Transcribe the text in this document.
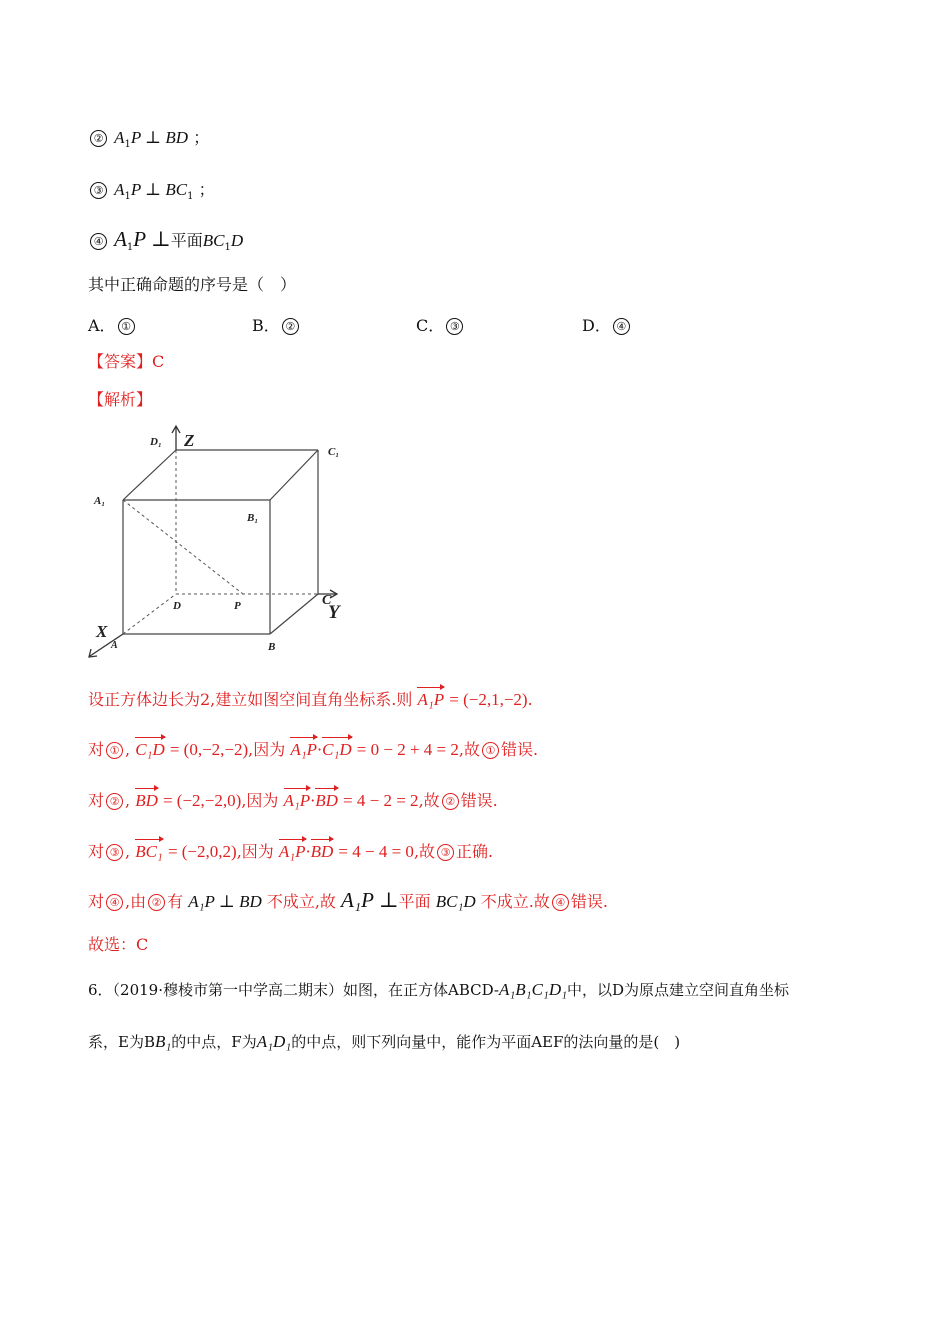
② $A_1P$ ⊥ BD ；
③ $A_1P$ ⊥ $BC_1$ ；
④ $A_1P$ ⊥平面$BC_1D$
其中正确命题的序号是（　）
A． ①	B． ②	C． ③	D． ④
【答案】C
【解析】
D₁ Z
C₁
A₁
B₁
D	P	C
Y
X
A	B
设正方体边长为2,建立如图空间直角坐标系.则 A₁P = (−2,1,−2).
对 ① , C₁D = (0,−2,−2),因为 A₁P·C₁D = 0 − 2 + 4 = 2,故 ① 错误.
对 ② , BD = (−2,−2,0),因为 A₁P·BD = 4 − 2 = 2,故 ② 错误.
对 ③ , BC₁ = (−2,0,2),因为 A₁P·BD = 4 − 4 = 0,故 ③ 正确.
对 ④ ,由 ② 有 A₁P ⊥ BD 不成立,故 A₁P ⊥平面 BC₁D 不成立.故 ④ 错误.
故选：C
6．（2019·穆棱市第一中学高二期末）如图，在正方体ABCD-A₁B₁C₁D₁中，以D为原点建立空间直角坐标
系，E为BB₁的中点，F为A₁D₁的中点，则下列向量中，能作为平面AEF的法向量的是(　)
